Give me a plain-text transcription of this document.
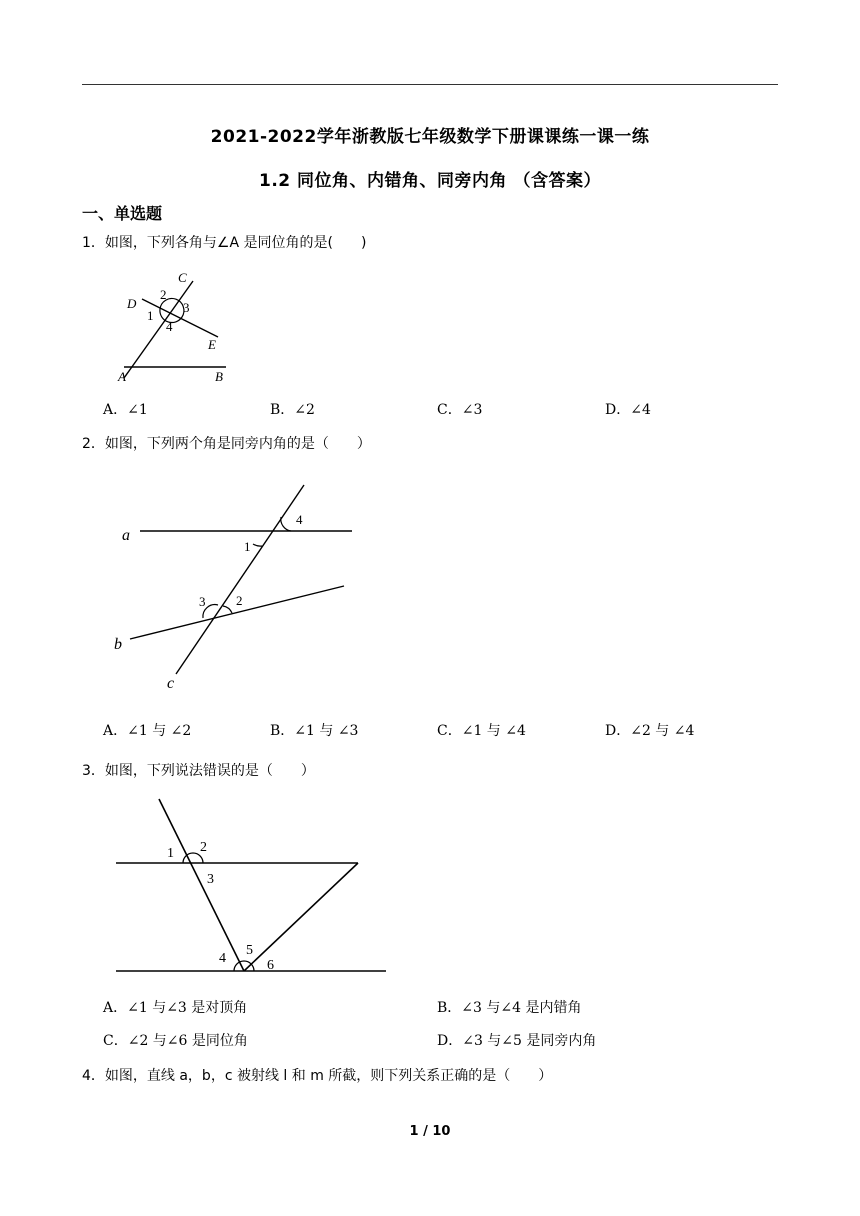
2021-2022学年浙教版七年级数学下册课课练一课一练
1.2 同位角、内错角、同旁内角 （含答案）
一、单选题
1．如图，下列各角与∠A 是同位角的是(　　)
C
D
2
3
1
4
E
A	B
A．∠1	B．∠2	C．∠3	D．∠4
2．如图，下列两个角是同旁内角的是（　　）
a
4
1
3 2
b
c
A．∠1 与 ∠2	B．∠1 与 ∠3	C．∠1 与 ∠4	D．∠2 与 ∠4
3．如图，下列说法错误的是（　　）
1 2
3
4
5
6
A．∠1 与∠3 是对顶角	B．∠3 与∠4 是内错角
C．∠2 与∠6 是同位角	D．∠3 与∠5 是同旁内角
4．如图，直线 a，b，c 被射线 l 和 m 所截，则下列关系正确的是（　　）
1 / 10
